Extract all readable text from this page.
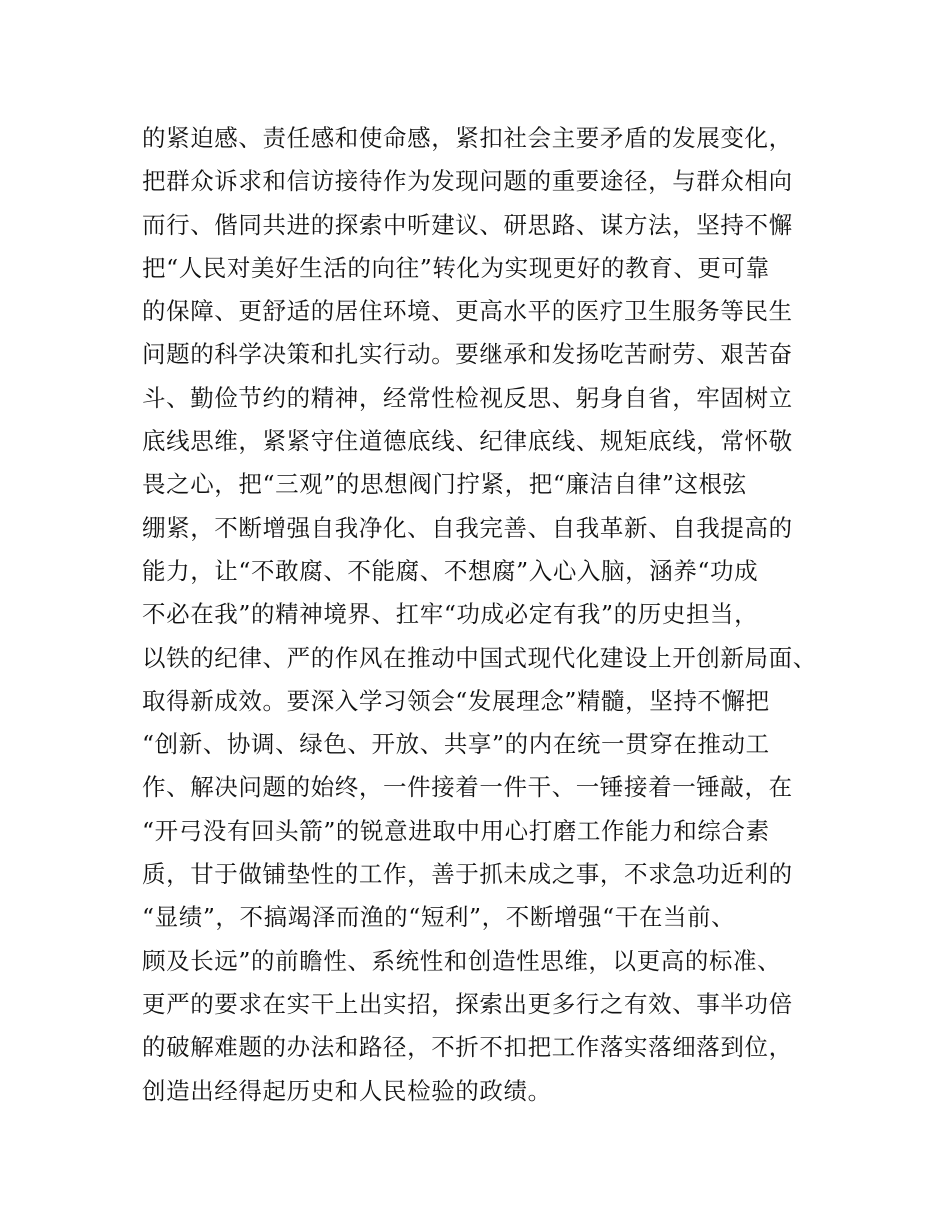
的紧迫感、责任感和使命感，紧扣社会主要矛盾的发展变化，
把群众诉求和信访接待作为发现问题的重要途径，与群众相向
而行、偕同共进的探索中听建议、研思路、谋方法，坚持不懈
把“人民对美好生活的向往”转化为实现更好的教育、更可靠
的保障、更舒适的居住环境、更高水平的医疗卫生服务等民生
问题的科学决策和扎实行动。要继承和发扬吃苦耐劳、艰苦奋
斗、勤俭节约的精神，经常性检视反思、躬身自省，牢固树立
底线思维，紧紧守住道德底线、纪律底线、规矩底线，常怀敬
畏之心，把“三观”的思想阀门拧紧，把“廉洁自律”这根弦
绷紧，不断增强自我净化、自我完善、自我革新、自我提高的
能力，让“不敢腐、不能腐、不想腐”入心入脑，涵养“功成
不必在我”的精神境界、扛牢“功成必定有我”的历史担当，
以铁的纪律、严的作风在推动中国式现代化建设上开创新局面、
取得新成效。要深入学习领会“发展理念”精髓，坚持不懈把
“创新、协调、绿色、开放、共享”的内在统一贯穿在推动工
作、解决问题的始终，一件接着一件干、一锤接着一锤敲，在
“开弓没有回头箭”的锐意进取中用心打磨工作能力和综合素
质，甘于做铺垫性的工作，善于抓未成之事，不求急功近利的
“显绩”，不搞竭泽而渔的“短利”，不断增强“干在当前、
顾及长远”的前瞻性、系统性和创造性思维，以更高的标准、
更严的要求在实干上出实招，探索出更多行之有效、事半功倍
的破解难题的办法和路径，不折不扣把工作落实落细落到位，
创造出经得起历史和人民检验的政绩。
